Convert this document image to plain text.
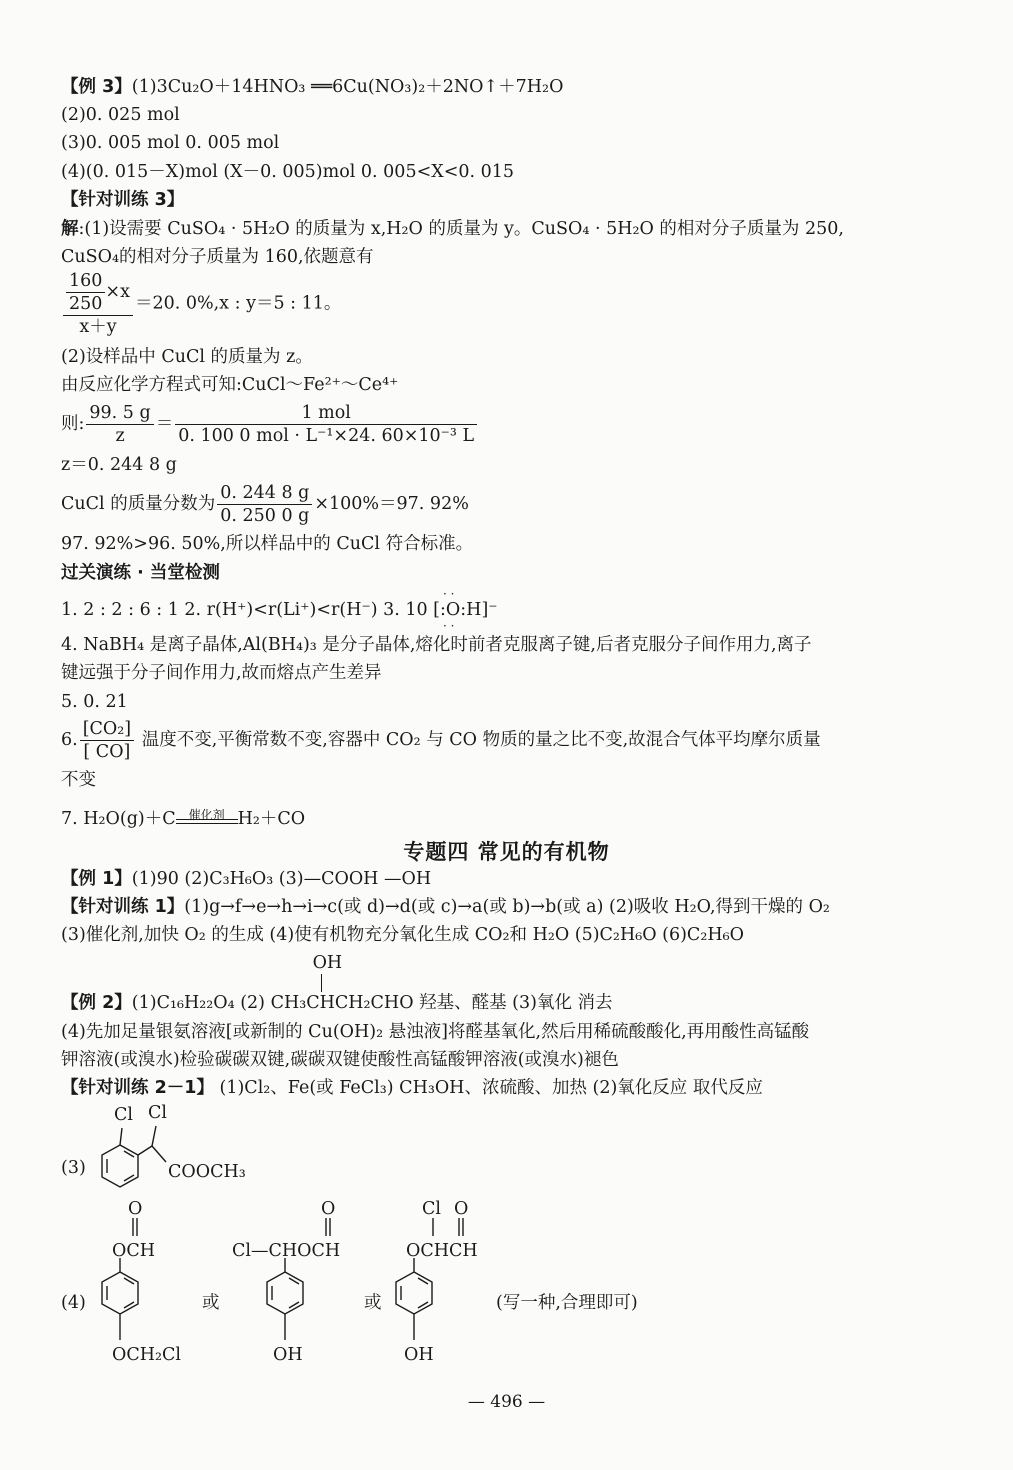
【例 3】(1)3Cu₂O＋14HNO₃ ══6Cu(NO₃)₂＋2NO↑＋7H₂O
(2)0. 025 mol
(3)0. 005 mol 0. 005 mol
(4)(0. 015－X)mol (X－0. 005)mol 0. 005<X<0. 015
【针对训练 3】
解:(1)设需要 CuSO₄ · 5H₂O 的质量为 x,H₂O 的质量为 y。CuSO₄ · 5H₂O 的相对分子质量为 250,
CuSO₄的相对分子质量为 160,依题意有
$\frac{\frac{160}{250} \times x}{x+y} =20$. 0%,x : y＝5 : 11。
(2)设样品中 CuCl 的质量为 z。
由反应化学方程式可知:CuCl～Fe²⁺～Ce⁴⁺
则: $\frac{99. 5 g}{z} = \frac{\text{1 mol}}{\text{0. 100 0 mol · L⁻¹×24. 60×10⁻³ L}}$
z＝0. 244 8 g
CuCl 的质量分数为 $\frac{0. 244 8 g}{0. 250 0 g} \times 100\%=97$. 92%
97. 92%>96. 50%,所以样品中的 CuCl 符合标准。
过关演练 · 当堂检测
1. 2 : 2 : 6 : 1 2. r(H⁺)<r(Li⁺)<r(H⁻) 3. 10 [
· ·
:O
· ·
:H]⁻
4. NaBH₄ 是离子晶体,Al(BH₄)₃ 是分子晶体,熔化时前者克服离子键,后者克服分子间作用力,离子
键远强于分子间作用力,故而熔点产生差异
5. 0. 21
6. $\frac{\text{[CO₂]}}{[ CO]}$ 温度不变,平衡常数不变,容器中 CO₂ 与 CO 物质的量之比不变,故混合气体平均摩尔质量
不变
7. H₂O(g)＋C	催化剂 H₂＋CO
专题四 常见的有机物
【例 1】(1)90 (2)C₃H₆O₃ (3)—COOH —OH
【针对训练 1】(1)g→f→e→h→i→c(或 d)→d(或 c)→a(或 b)→b(或 a) (2)吸收 H₂O,得到干燥的 O₂
(3)催化剂,加快 O₂ 的生成 (4)使有机物充分氧化生成 CO₂和 H₂O (5)C₂H₆O (6)C₂H₆O
【例 2】(1)C₁₆H₂₂O₄ (2)
OH
CH₃CHCH₂CHO 羟基、醛基 (3)氧化 消去
(4)先加足量银氨溶液[或新制的 Cu(OH)₂ 悬浊液]将醛基氧化,然后用稀硫酸酸化,再用酸性高锰酸
钾溶液(或溴水)检验碳碳双键,碳碳双键使酸性高锰酸钾溶液(或溴水)褪色
【针对训练 2－1】 (1)Cl₂、Fe(或 FeCl₃) CH₃OH、浓硫酸、加热 (2)氧化反应 取代反应
(3)
Cl Cl
COOCH₃
(4)
O
OCH
OCH₂Cl
或
O
Cl—CHOCH
OH
或
Cl O
OCHCH
OH
(写一种,合理即可)
— 496 —
